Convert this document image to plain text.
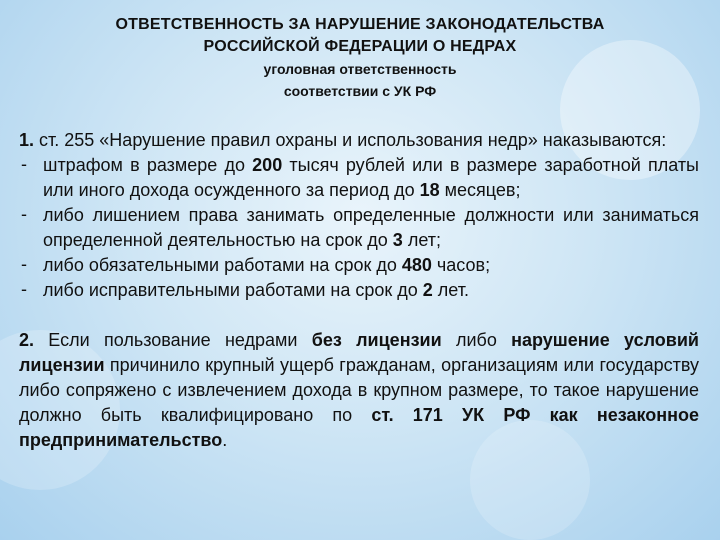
ОТВЕТСТВЕННОСТЬ ЗА НАРУШЕНИЕ ЗАКОНОДАТЕЛЬСТВА
РОССИЙСКОЙ ФЕДЕРАЦИИ О НЕДРАХ
уголовная ответственность
соответствии с УК РФ

1. ст. 255 «Нарушение правил охраны и использования недр» наказываются:

- штрафом в размере до 200 тысяч рублей или в размере заработной платы или иного дохода осужденного за период до 18 месяцев;
- либо лишением права занимать определенные должности или заниматься определенной деятельностью на срок до 3 лет;
- либо обязательными работами на срок до 480 часов;
- либо исправительными работами на срок до 2 лет.

2. Если пользование недрами без лицензии либо нарушение условий лицензии причинило крупный ущерб гражданам, организациям или государству либо сопряжено с извлечением дохода в крупном размере, то такое нарушение должно быть квалифицировано по ст. 171 УК РФ как незаконное предпринимательство.
